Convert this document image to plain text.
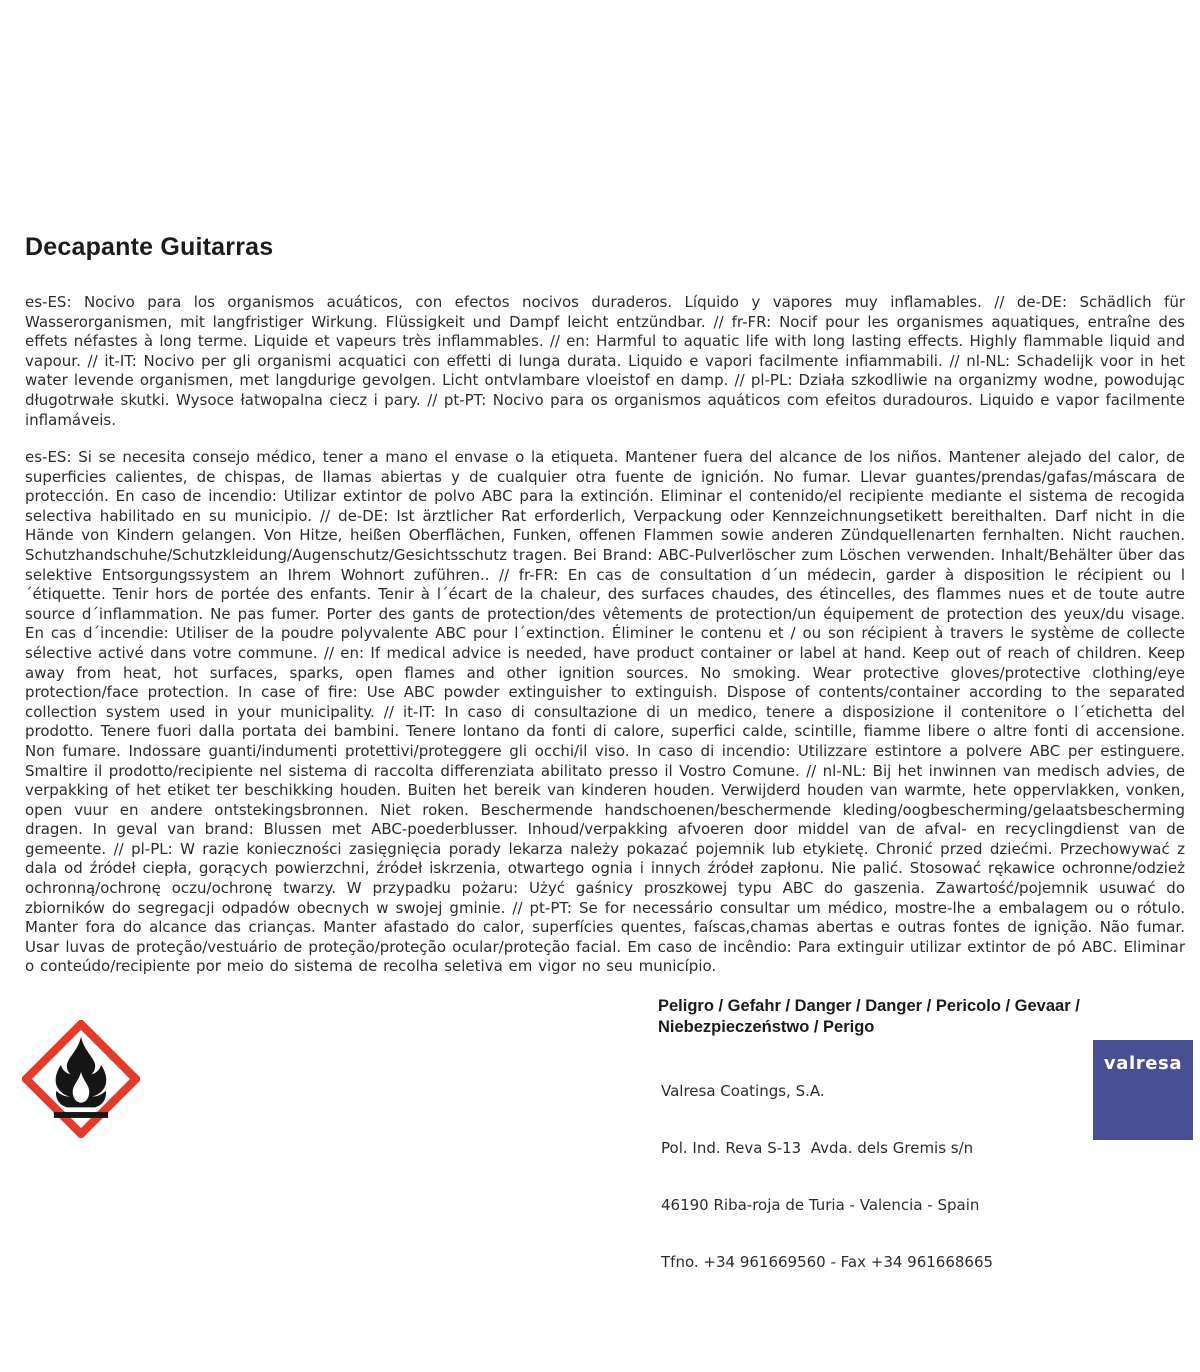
Decapante Guitarras

es-ES: Nocivo para los organismos acuáticos, con efectos nocivos duraderos. Líquido y vapores muy inflamables. // de-DE: Schädlich für Wasserorganismen, mit langfristiger Wirkung. Flüssigkeit und Dampf leicht entzündbar. // fr-FR: Nocif pour les organismes aquatiques, entraîne des effets néfastes à long terme. Liquide et vapeurs très inflammables. // en: Harmful to aquatic life with long lasting effects. Highly flammable liquid and vapour. // it-IT: Nocivo per gli organismi acquatici con effetti di lunga durata. Liquido e vapori facilmente infiammabili. // nl-NL: Schadelijk voor in het water levende organismen, met langdurige gevolgen. Licht ontvlambare vloeistof en damp. // pl-PL: Działa szkodliwie na organizmy wodne, powodując długotrwałe skutki. Wysoce łatwopalna ciecz i pary. // pt-PT: Nocivo para os organismos aquáticos com efeitos duradouros. Liquido e vapor facilmente inflamáveis.

es-ES: Si se necesita consejo médico, tener a mano el envase o la etiqueta. Mantener fuera del alcance de los niños. Mantener alejado del calor, de superficies calientes, de chispas, de llamas abiertas y de cualquier otra fuente de ignición. No fumar. Llevar guantes/prendas/gafas/máscara de protección. En caso de incendio: Utilizar extintor de polvo ABC para la extinción. Eliminar el contenido/el recipiente mediante el sistema de recogida selectiva habilitado en su municipio. // de-DE: Ist ärztlicher Rat erforderlich, Verpackung oder Kennzeichnungsetikett bereithalten. Darf nicht in die Hände von Kindern gelangen. Von Hitze, heißen Oberflächen, Funken, offenen Flammen sowie anderen Zündquellenarten fernhalten. Nicht rauchen. Schutzhandschuhe/Schutzkleidung/Augenschutz/Gesichtsschutz tragen. Bei Brand: ABC-Pulverlöscher zum Löschen verwenden. Inhalt/Behälter über das selektive Entsorgungssystem an Ihrem Wohnort zuführen.. // fr-FR: En cas de consultation d´un médecin, garder à disposition le récipient ou l´étiquette. Tenir hors de portée des enfants. Tenir à l´écart de la chaleur, des surfaces chaudes, des étincelles, des flammes nues et de toute autre source d´inflammation. Ne pas fumer. Porter des gants de protection/des vêtements de protection/un équipement de protection des yeux/du visage. En cas d´incendie: Utiliser de la poudre polyvalente ABC pour l´extinction. Éliminer le contenu et / ou son récipient à travers le système de collecte sélective activé dans votre commune. // en: If medical advice is needed, have product container or label at hand. Keep out of reach of children. Keep away from heat, hot surfaces, sparks, open flames and other ignition sources. No smoking. Wear protective gloves/protective clothing/eye protection/face protection. In case of fire: Use ABC powder extinguisher to extinguish. Dispose of contents/container according to the separated collection system used in your municipality. // it-IT: In caso di consultazione di un medico, tenere a disposizione il contenitore o l´etichetta del prodotto. Tenere fuori dalla portata dei bambini. Tenere lontano da fonti di calore, superfici calde, scintille, fiamme libere o altre fonti di accensione. Non fumare. Indossare guanti/indumenti protettivi/proteggere gli occhi/il viso. In caso di incendio: Utilizzare estintore a polvere ABC per estinguere. Smaltire il prodotto/recipiente nel sistema di raccolta differenziata abilitato presso il Vostro Comune. // nl-NL: Bij het inwinnen van medisch advies, de verpakking of het etiket ter beschikking houden. Buiten het bereik van kinderen houden. Verwijderd houden van warmte, hete oppervlakken, vonken, open vuur en andere ontstekingsbronnen. Niet roken. Beschermende handschoenen/beschermende kleding/oogbescherming/gelaatsbescherming dragen. In geval van brand: Blussen met ABC-poederblusser. Inhoud/verpakking afvoeren door middel van de afval- en recyclingdienst van de gemeente. // pl-PL: W razie konieczności zasięgnięcia porady lekarza należy pokazać pojemnik lub etykietę. Chronić przed dziećmi. Przechowywać z dala od źródeł ciepła, gorących powierzchni, źródeł iskrzenia, otwartego ognia i innych źródeł zapłonu. Nie palić. Stosować rękawice ochronne/odzież ochronną/ochronę oczu/ochronę twarzy. W przypadku pożaru: Użyć gaśnicy proszkowej typu ABC do gaszenia. Zawartość/pojemnik usuwać do zbiorników do segregacji odpadów obecnych w swojej gminie. // pt-PT: Se for necessário consultar um médico, mostre-lhe a embalagem ou o rótulo. Manter fora do alcance das crianças. Manter afastado do calor, superfícies quentes, faíscas,chamas abertas e outras fontes de ignição. Não fumar. Usar luvas de proteção/vestuário de proteção/proteção ocular/proteção facial. Em caso de incêndio: Para extinguir utilizar extintor de pó ABC. Eliminar o conteúdo/recipiente por meio do sistema de recolha seletiva em vigor no seu município.

Peligro / Gefahr / Danger / Danger / Pericolo / Gevaar /
Niebezpieczeństwo / Perigo

Valresa Coatings, S.A.

Pol. Ind. Reva S-13  Avda. dels Gremis s/n

46190 Riba-roja de Turia - Valencia - Spain

Tfno. +34 961669560 - Fax +34 961668665

valresa
